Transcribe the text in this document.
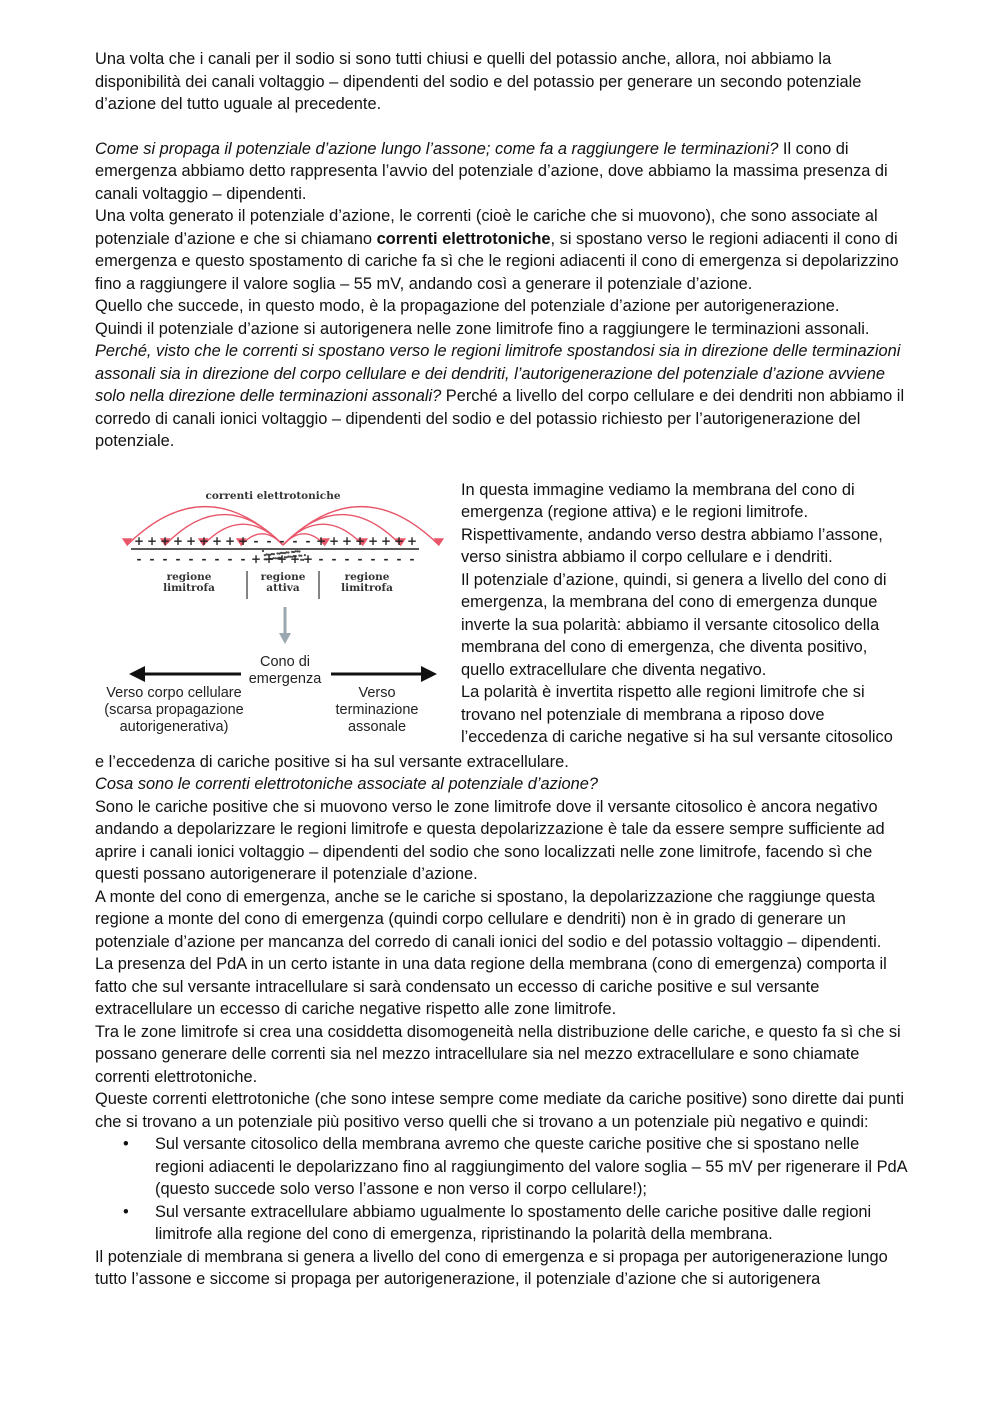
Una volta che i canali per il sodio si sono tutti chiusi e quelli del potassio anche, allora, noi abbiamo la disponibilità dei canali voltaggio – dipendenti del sodio e del potassio per generare un secondo potenziale d’azione del tutto uguale al precedente.

Come si propaga il potenziale d’azione lungo l’assone; come fa a raggiungere le terminazioni? Il cono di emergenza abbiamo detto rappresenta l’avvio del potenziale d’azione, dove abbiamo la massima presenza di canali voltaggio – dipendenti.

Una volta generato il potenziale d’azione, le correnti (cioè le cariche che si muovono), che sono associate al potenziale d’azione e che si chiamano correnti elettrotoniche, si spostano verso le regioni adiacenti il cono di emergenza e questo spostamento di cariche fa sì che le regioni adiacenti il cono di emergenza si depolarizzino fino a raggiungere il valore soglia – 55 mV, andando così a generare il potenziale d’azione.

Quello che succede, in questo modo, è la propagazione del potenziale d’azione per autorigenerazione.

Quindi il potenziale d’azione si autorigenera nelle zone limitrofe fino a raggiungere le terminazioni assonali.

Perché, visto che le correnti si spostano verso le regioni limitrofe spostandosi sia in direzione delle terminazioni assonali sia in direzione del corpo cellulare e dei dendriti, l’autorigenerazione del potenziale d’azione avviene solo nella direzione delle terminazioni assonali? Perché a livello del corpo cellulare e dei dendriti non abbiamo il corredo di canali ionici voltaggio – dipendenti del sodio e del potassio richiesto per l’autorigenerazione del potenziale.

correnti elettrotoniche
+ + + + + + + + + - - - - - + + + + + + + +
- - - - - - - - - + + + + + - - - - - - - -
regione
limitrofa
regione
attiva
regione
limitrofa
Cono di
emergenza
Verso corpo cellulare
(scarsa propagazione
autorigenerativa)
Verso
terminazione
assonale

In questa immagine vediamo la membrana del cono di emergenza (regione attiva) e le regioni limitrofe.

Rispettivamente, andando verso destra abbiamo l’assone, verso sinistra abbiamo il corpo cellulare e i dendriti.

Il potenziale d’azione, quindi, si genera a livello del cono di emergenza, la membrana del cono di emergenza dunque inverte la sua polarità: abbiamo il versante citosolico della membrana del cono di emergenza, che diventa positivo, quello extracellulare che diventa negativo.

La polarità è invertita rispetto alle regioni limitrofe che si trovano nel potenziale di membrana a riposo dove l’eccedenza di cariche negative si ha sul versante citosolico

e l’eccedenza di cariche positive si ha sul versante extracellulare.

Cosa sono le correnti elettrotoniche associate al potenziale d’azione?

Sono le cariche positive che si muovono verso le zone limitrofe dove il versante citosolico è ancora negativo andando a depolarizzare le regioni limitrofe e questa depolarizzazione è tale da essere sempre sufficiente ad aprire i canali ionici voltaggio – dipendenti del sodio che sono localizzati nelle zone limitrofe, facendo sì che questi possano autorigenerare il potenziale d’azione.

A monte del cono di emergenza, anche se le cariche si spostano, la depolarizzazione che raggiunge questa regione a monte del cono di emergenza (quindi corpo cellulare e dendriti) non è in grado di generare un potenziale d’azione per mancanza del corredo di canali ionici del sodio e del potassio voltaggio – dipendenti.

La presenza del PdA in un certo istante in una data regione della membrana (cono di emergenza) comporta il fatto che sul versante intracellulare si sarà condensato un eccesso di cariche positive e sul versante extracellulare un eccesso di cariche negative rispetto alle zone limitrofe.

Tra le zone limitrofe si crea una cosiddetta disomogeneità nella distribuzione delle cariche, e questo fa sì che si possano generare delle correnti sia nel mezzo intracellulare sia nel mezzo extracellulare e sono chiamate correnti elettrotoniche.

Queste correnti elettrotoniche (che sono intese sempre come mediate da cariche positive) sono dirette dai punti che si trovano a un potenziale più positivo verso quelli che si trovano a un potenziale più negativo e quindi:

• Sul versante citosolico della membrana avremo che queste cariche positive che si spostano nelle regioni adiacenti le depolarizzano fino al raggiungimento del valore soglia – 55 mV per rigenerare il PdA (questo succede solo verso l’assone e non verso il corpo cellulare!);
• Sul versante extracellulare abbiamo ugualmente lo spostamento delle cariche positive dalle regioni limitrofe alla regione del cono di emergenza, ripristinando la polarità della membrana.

Il potenziale di membrana si genera a livello del cono di emergenza e si propaga per autorigenerazione lungo tutto l’assone e siccome si propaga per autorigenerazione, il potenziale d’azione che si autorigenera
